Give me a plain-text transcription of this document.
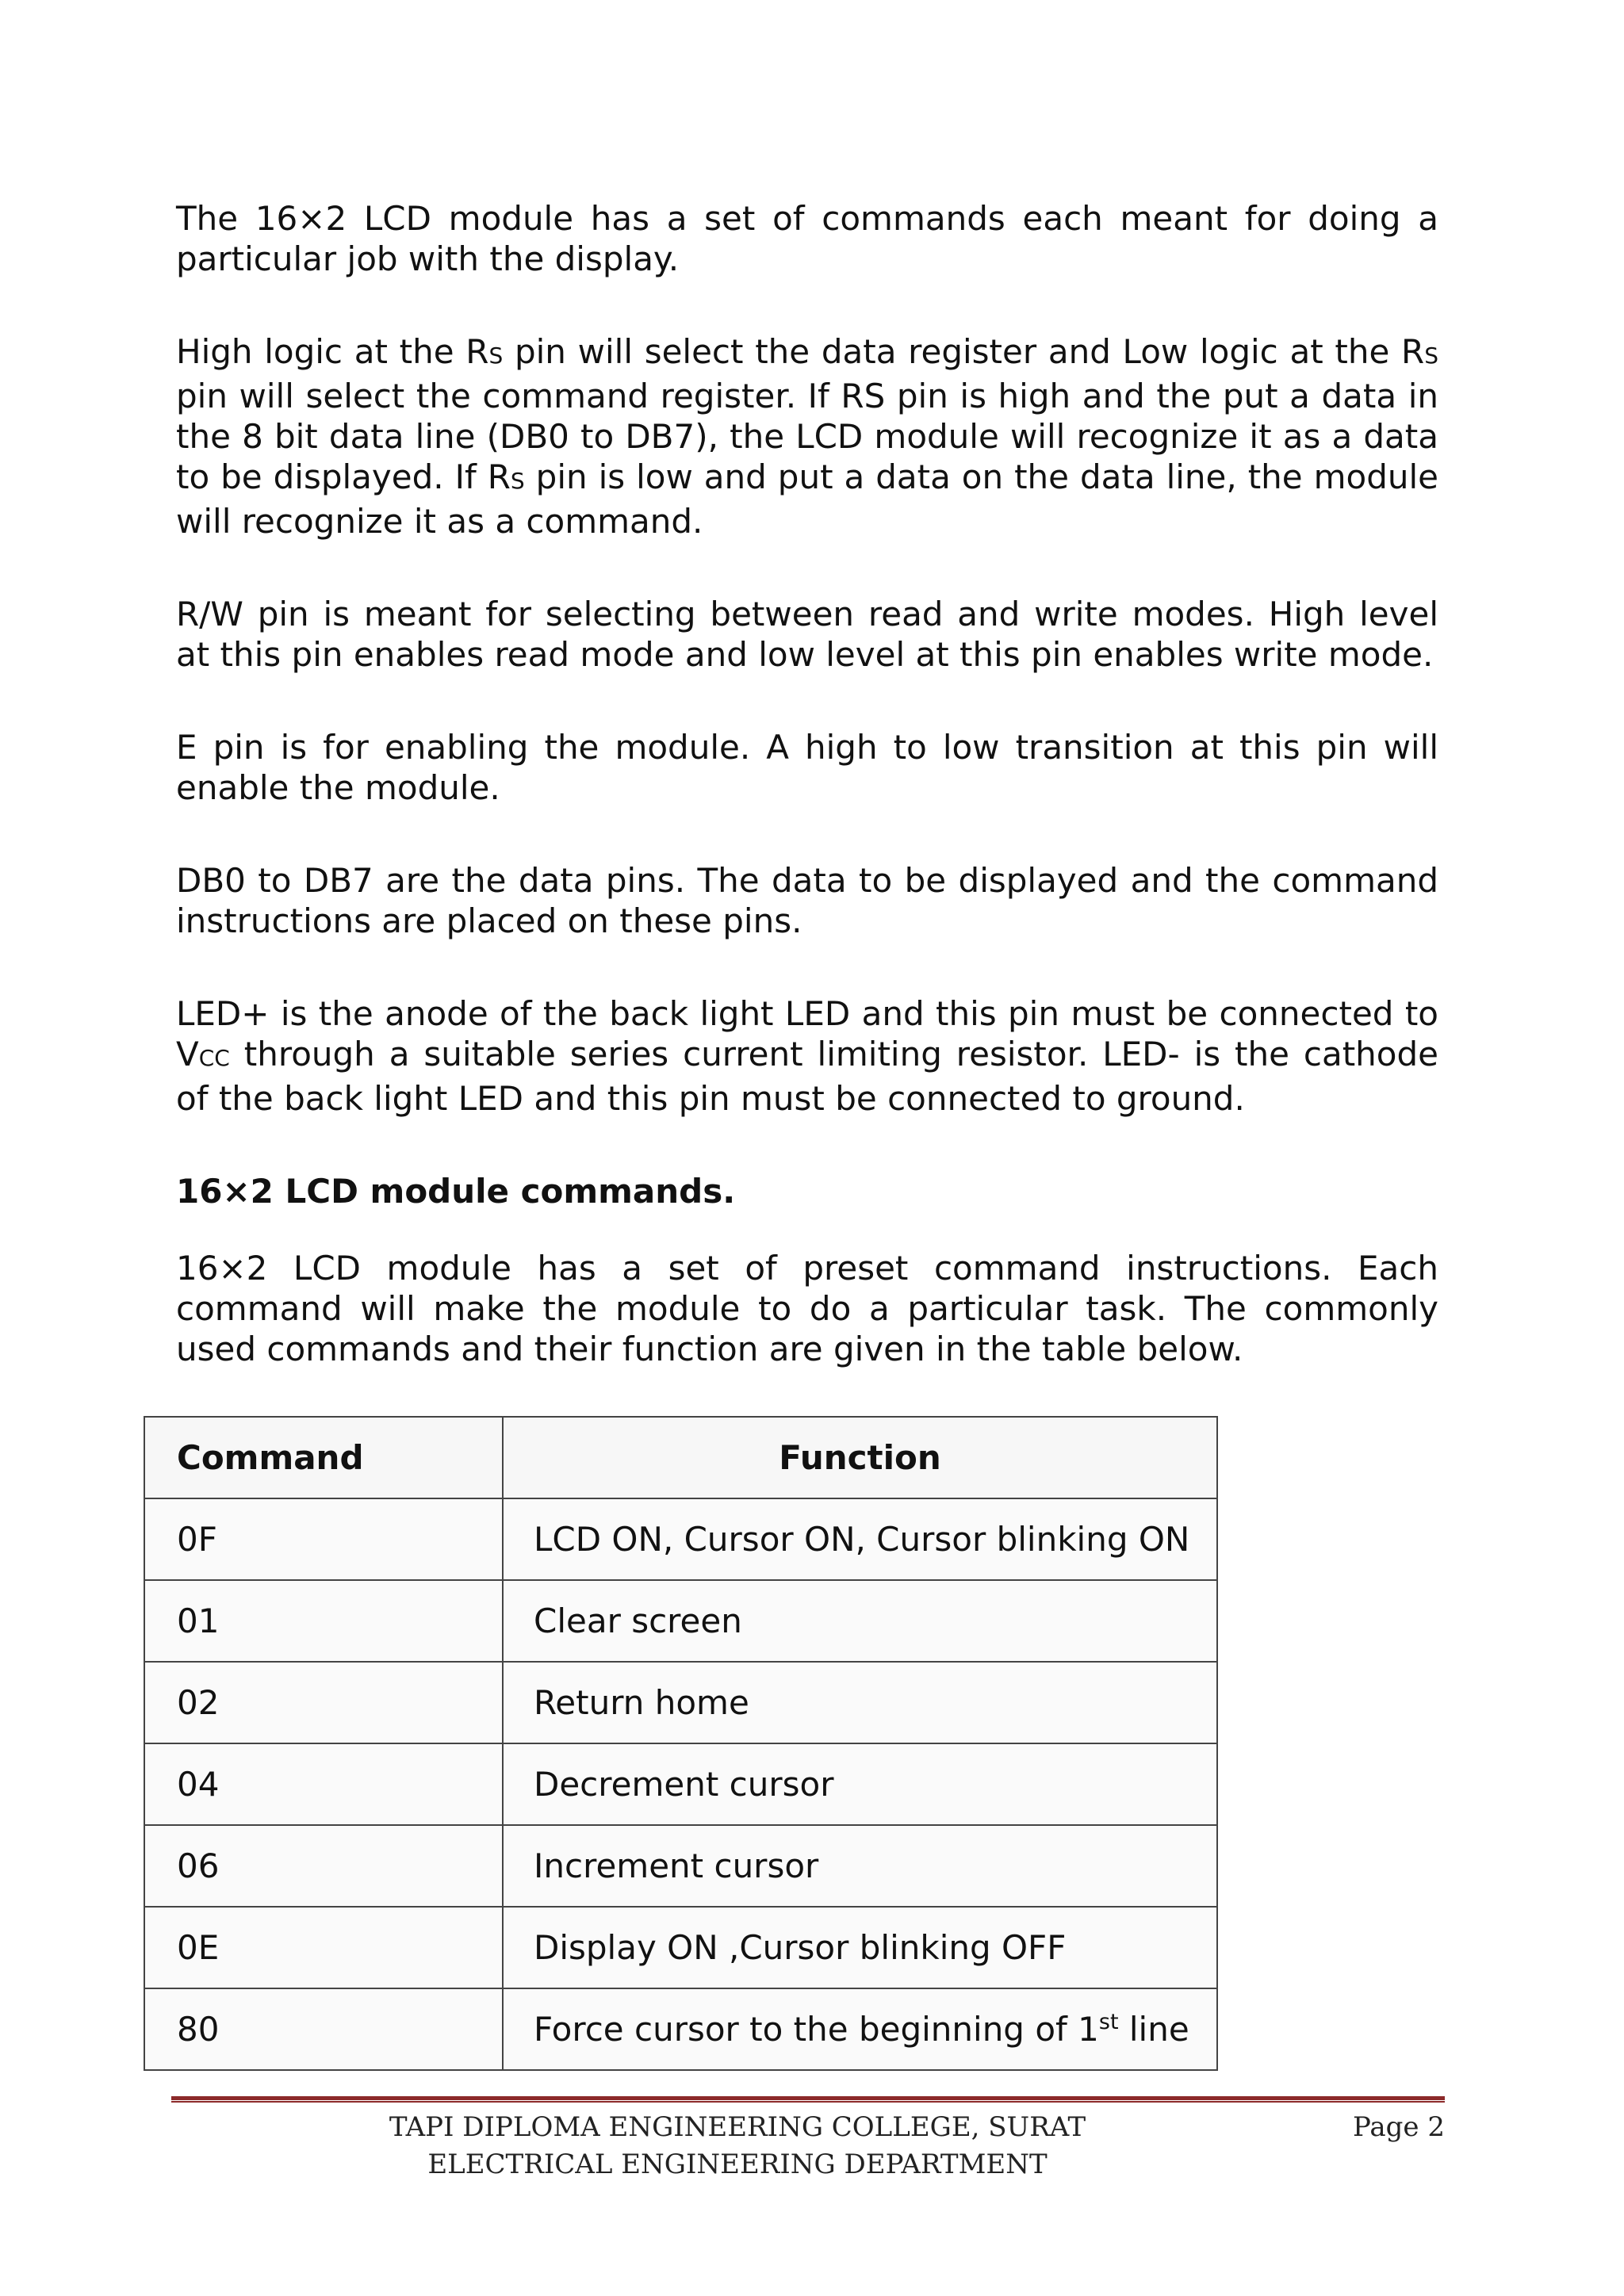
The 16×2 LCD module has a set of commands each meant for doing a particular job with the display.

High logic at the RS pin will select the data register and Low logic at the RS pin will select the command register. If RS pin is high and the put a data in the 8 bit data line (DB0 to DB7), the LCD module will recognize it as a data to be displayed. If RS pin is low and put a data on the data line, the module will recognize it as a command.

R/W pin is meant for selecting between read and write modes. High level at this pin enables read mode and low level at this pin enables write mode.

E pin is for enabling the module. A high to low transition at this pin will enable the module.

DB0 to DB7 are the data pins. The data to be displayed and the command instructions are placed on these pins.

LED+ is the anode of the back light LED and this pin must be connected to VCC through a suitable series current limiting resistor. LED- is the cathode of the back light LED and this pin must be connected to ground.

16×2 LCD module commands.

16×2 LCD module has a set of preset command instructions. Each command will make the module to do a particular task. The commonly used commands and their function are given in the table below.

Command	Function
0F	LCD ON, Cursor ON, Cursor blinking ON
01	Clear screen
02	Return home
04	Decrement cursor
06	Increment cursor
0E	Display ON ,Cursor blinking OFF
80	Force cursor to the beginning of 1st line
TAPI DIPLOMA ENGINEERING COLLEGE, SURAT
ELECTRICAL ENGINEERING DEPARTMENT
Page 2
